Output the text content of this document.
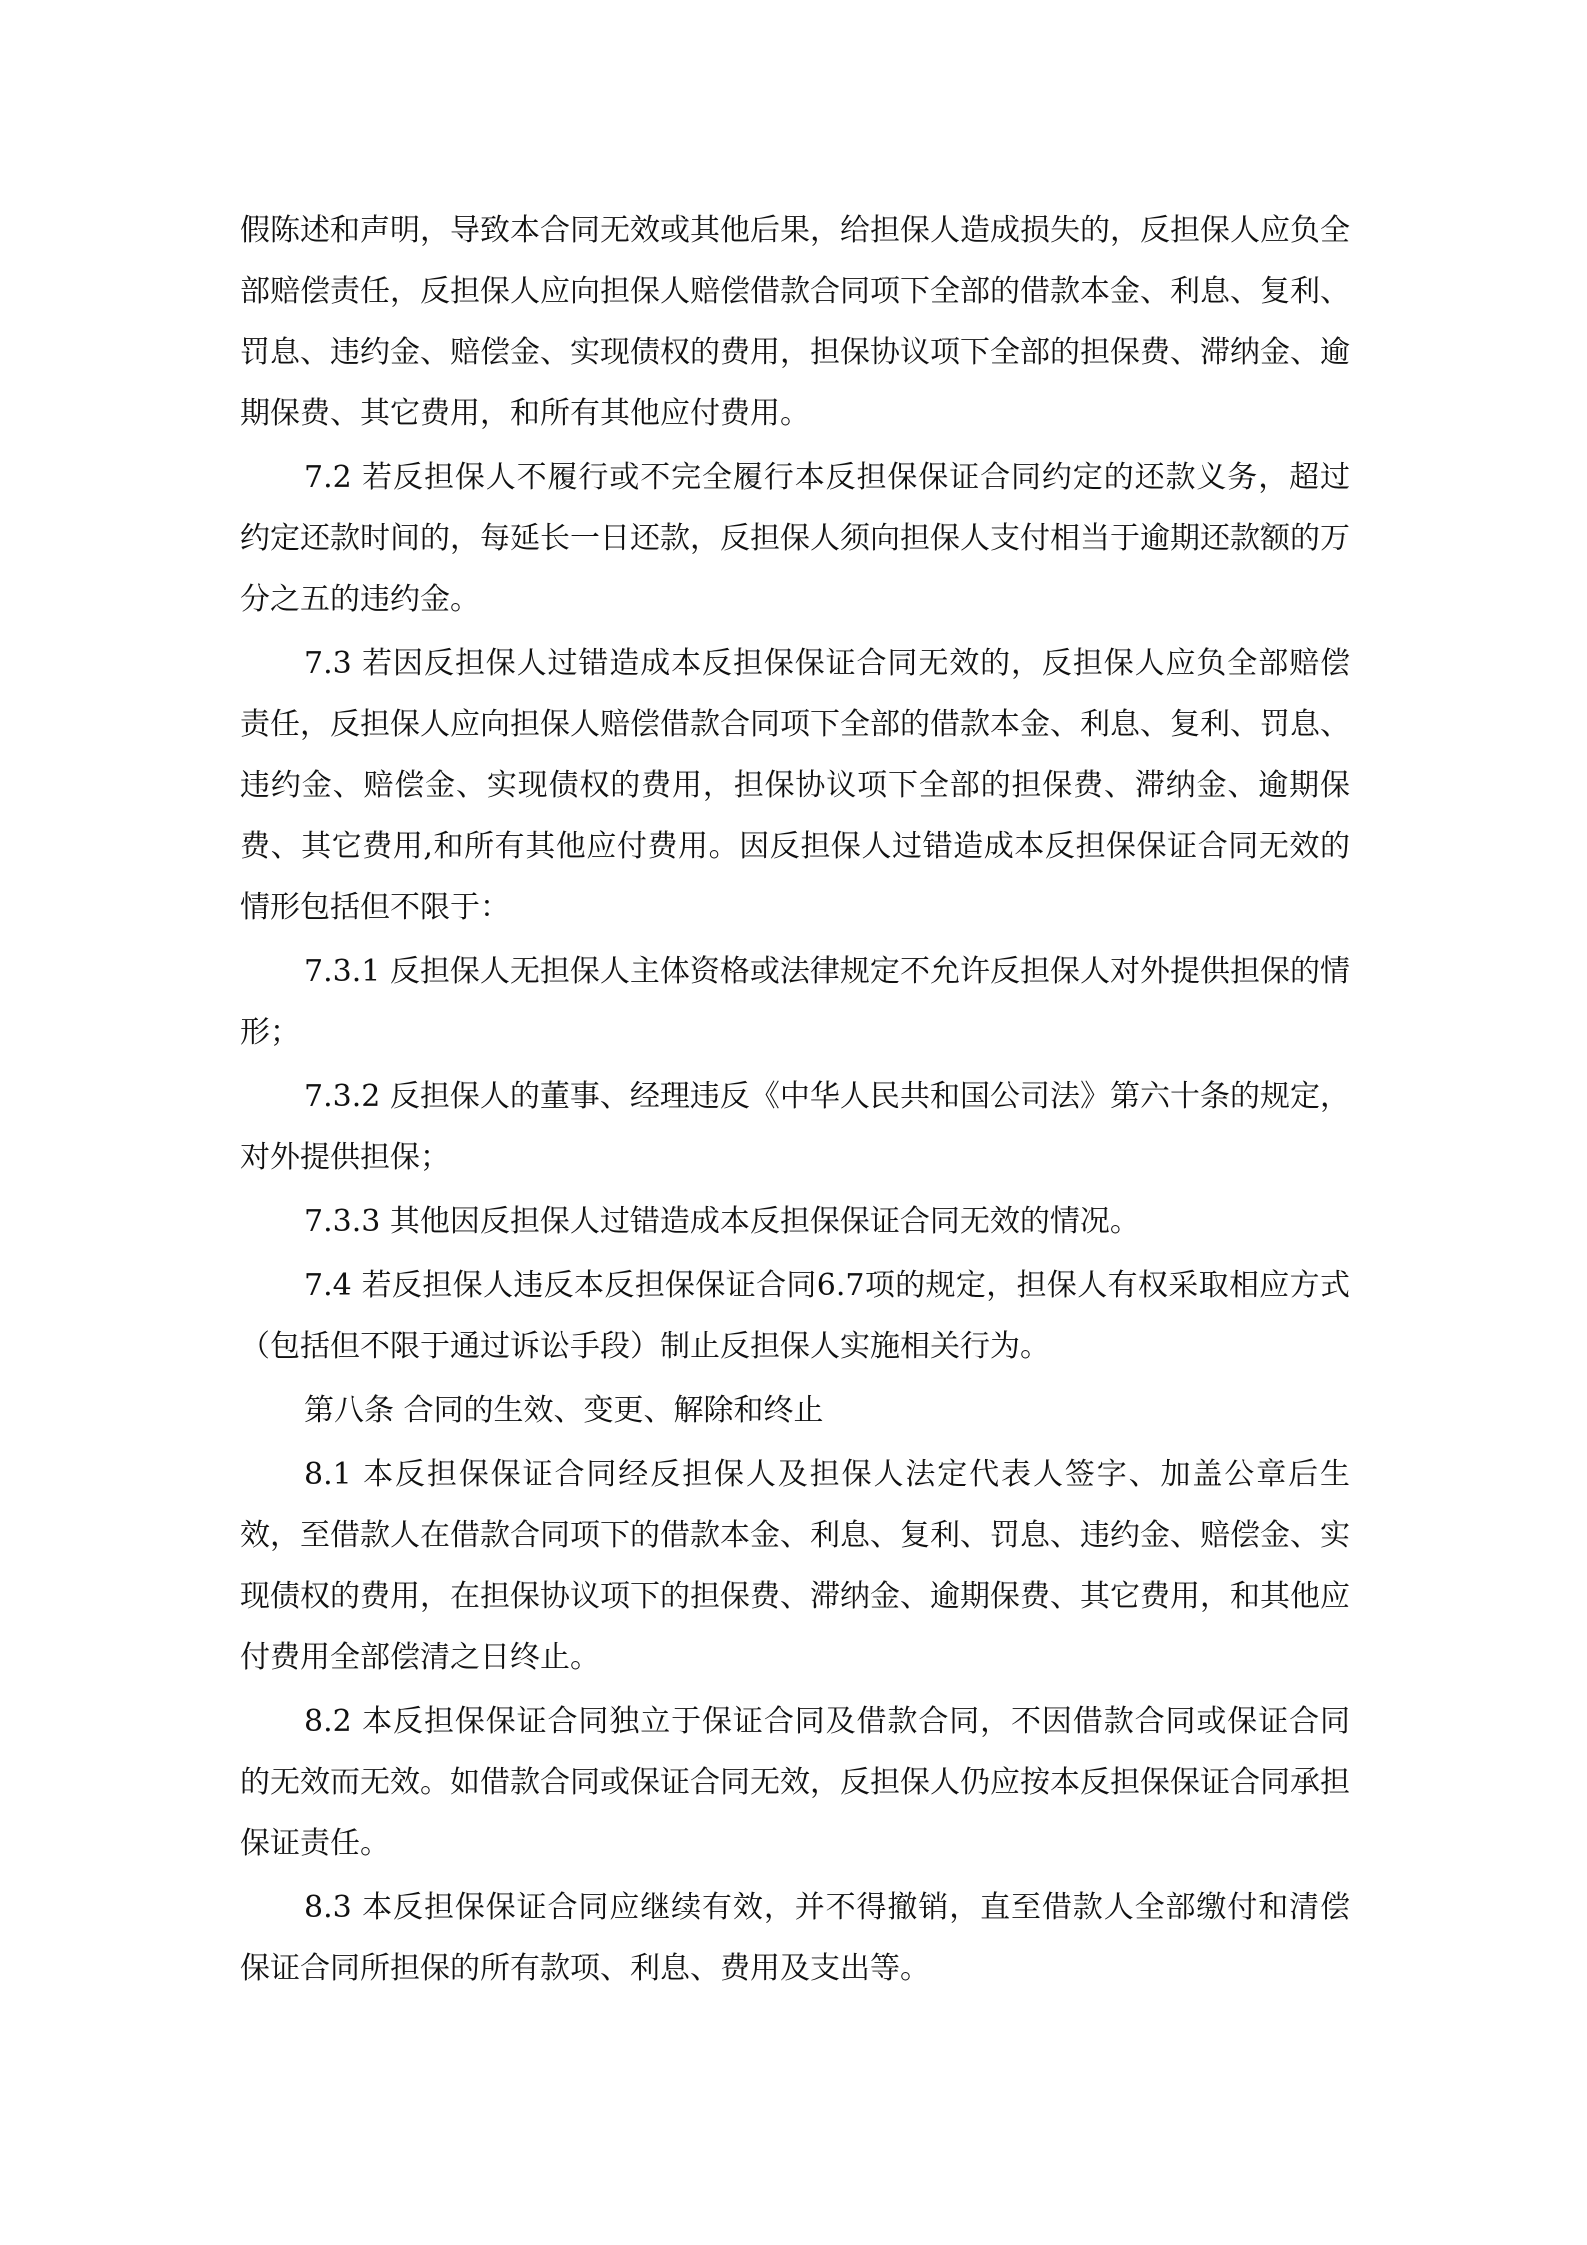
假陈述和声明，导致本合同无效或其他后果，给担保人造成损失的，反担保人应负全部赔偿责任，反担保人应向担保人赔偿借款合同项下全部的借款本金、利息、复利、罚息、违约金、赔偿金、实现债权的费用，担保协议项下全部的担保费、滞纳金、逾期保费、其它费用，和所有其他应付费用。

7.2 若反担保人不履行或不完全履行本反担保保证合同约定的还款义务，超过约定还款时间的，每延长一日还款，反担保人须向担保人支付相当于逾期还款额的万分之五的违约金。

7.3 若因反担保人过错造成本反担保保证合同无效的，反担保人应负全部赔偿责任，反担保人应向担保人赔偿借款合同项下全部的借款本金、利息、复利、罚息、违约金、赔偿金、实现债权的费用，担保协议项下全部的担保费、滞纳金、逾期保费、其它费用,和所有其他应付费用。因反担保人过错造成本反担保保证合同无效的情形包括但不限于：

7.3.1 反担保人无担保人主体资格或法律规定不允许反担保人对外提供担保的情形；

7.3.2 反担保人的董事、经理违反《中华人民共和国公司法》第六十条的规定，对外提供担保；

7.3.3 其他因反担保人过错造成本反担保保证合同无效的情况。

7.4 若反担保人违反本反担保保证合同6.7项的规定，担保人有权采取相应方式（包括但不限于通过诉讼手段）制止反担保人实施相关行为。

第八条 合同的生效、变更、解除和终止

8.1 本反担保保证合同经反担保人及担保人法定代表人签字、加盖公章后生效，至借款人在借款合同项下的借款本金、利息、复利、罚息、违约金、赔偿金、实现债权的费用，在担保协议项下的担保费、滞纳金、逾期保费、其它费用，和其他应付费用全部偿清之日终止。

8.2 本反担保保证合同独立于保证合同及借款合同，不因借款合同或保证合同的无效而无效。如借款合同或保证合同无效，反担保人仍应按本反担保保证合同承担保证责任。

8.3 本反担保保证合同应继续有效，并不得撤销，直至借款人全部缴付和清偿保证合同所担保的所有款项、利息、费用及支出等。
